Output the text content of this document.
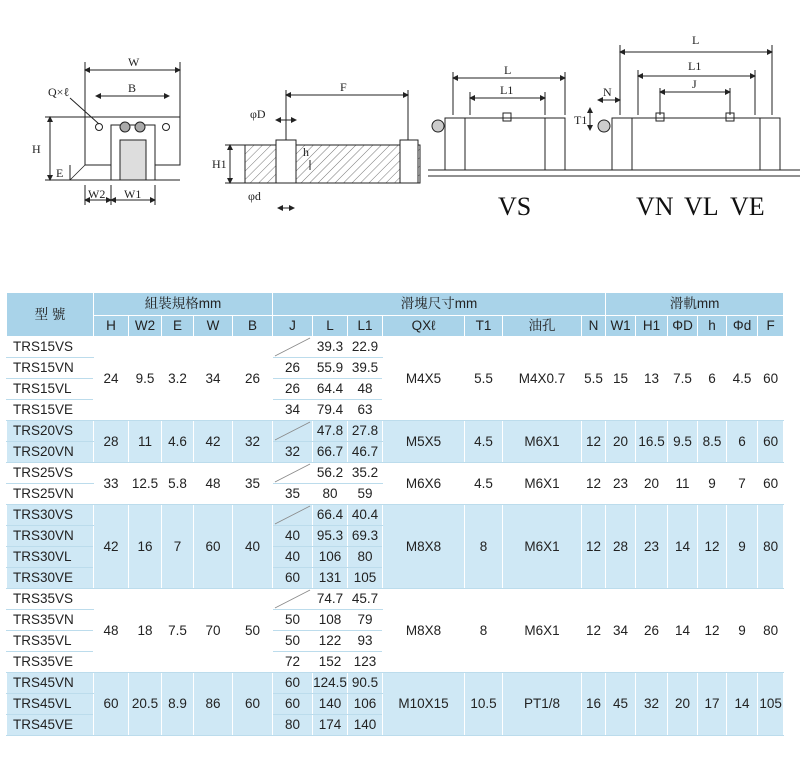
W
B
Q×ℓ
H
E
W2 W1
F
φD
φd
h
H1
L
L1
VS
L
L1
J
N
T1
VN VL VE
型 號	組裝規格mm					滑塊尺寸mm							滑軌mm					
	H	W2	E	W	B	J	L	L1	QXℓ	T1	油孔	N	W1	H1	ΦD	h	Φd	F
TRS15VS	24	9.5	3.2	34	26		39.3	22.9	M4X5	5.5	M4X0.7	5.5	15	13	7.5	6	4.5	60
TRS15VN						26	55.9	39.5										
TRS15VL						26	64.4	48										
TRS15VE						34	79.4	63										
TRS20VS	28	11	4.6	42	32		47.8	27.8	M5X5	4.5	M6X1	12	20	16.5	9.5	8.5	6	60
TRS20VN						32	66.7	46.7										
TRS25VS	33	12.5	5.8	48	35		56.2	35.2	M6X6	4.5	M6X1	12	23	20	11	9	7	60
TRS25VN						35	80	59										
TRS30VS	42	16	7	60	40		66.4	40.4	M8X8	8	M6X1	12	28	23	14	12	9	80
TRS30VN						40	95.3	69.3										
TRS30VL						40	106	80										
TRS30VE						60	131	105										
TRS35VS	48	18	7.5	70	50		74.7	45.7	M8X8	8	M6X1	12	34	26	14	12	9	80
TRS35VN						50	108	79										
TRS35VL						50	122	93										
TRS35VE						72	152	123										
TRS45VN	60	20.5	8.9	86	60	60	124.5	90.5	M10X15	10.5	PT1/8	16	45	32	20	17	14	105
TRS45VL						60	140	106										
TRS45VE						80	174	140										
